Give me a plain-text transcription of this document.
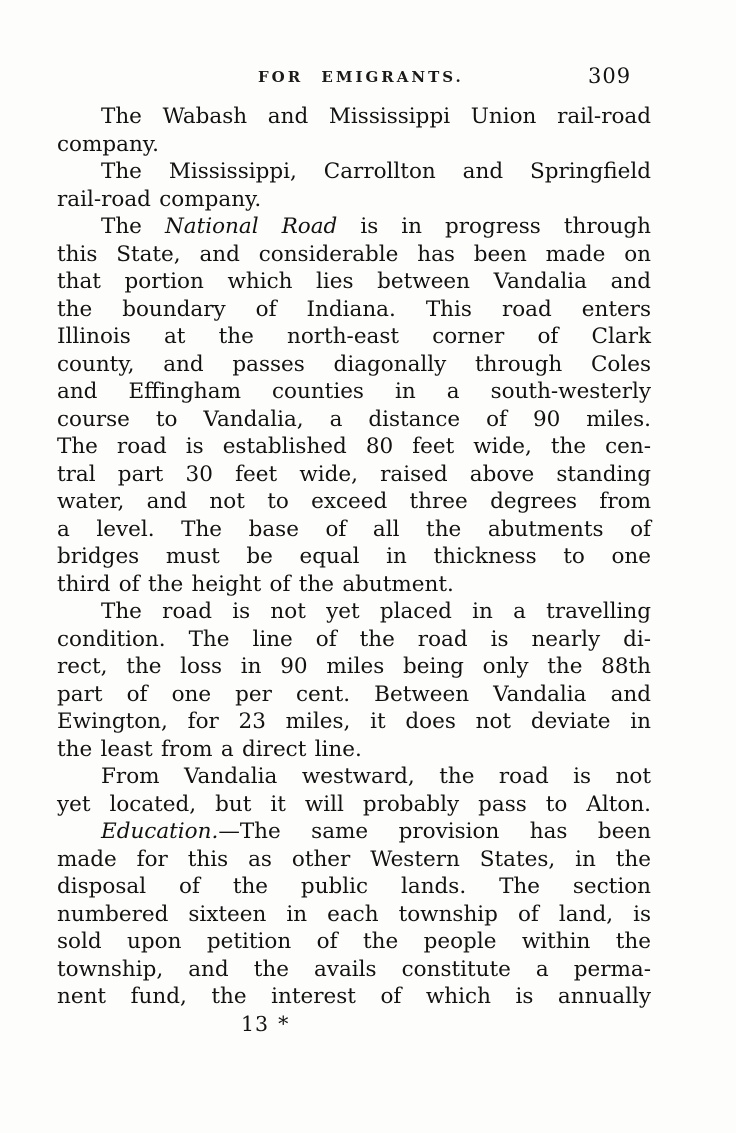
FOR EMIGRANTS.	309
The Wabash and Mississippi Union rail-road
company.
The Mississippi, Carrollton and Springfield
rail-road company.
The National Road is in progress through
this State, and considerable has been made on
that portion which lies between Vandalia and
the boundary of Indiana. This road enters
Illinois at the north-east corner of Clark
county, and passes diagonally through Coles
and Effingham counties in a south-westerly
course to Vandalia, a distance of 90 miles.
The road is established 80 feet wide, the cen-
tral part 30 feet wide, raised above standing
water, and not to exceed three degrees from
a level. The base of all the abutments of
bridges must be equal in thickness to one
third of the height of the abutment.
The road is not yet placed in a travelling
condition. The line of the road is nearly di-
rect, the loss in 90 miles being only the 88th
part of one per cent. Between Vandalia and
Ewington, for 23 miles, it does not deviate in
the least from a direct line.
From Vandalia westward, the road is not
yet located, but it will probably pass to Alton.
Education.—The same provision has been
made for this as other Western States, in the
disposal of the public lands. The section
numbered sixteen in each township of land, is
sold upon petition of the people within the
township, and the avails constitute a perma-
nent fund, the interest of which is annually
13 *
